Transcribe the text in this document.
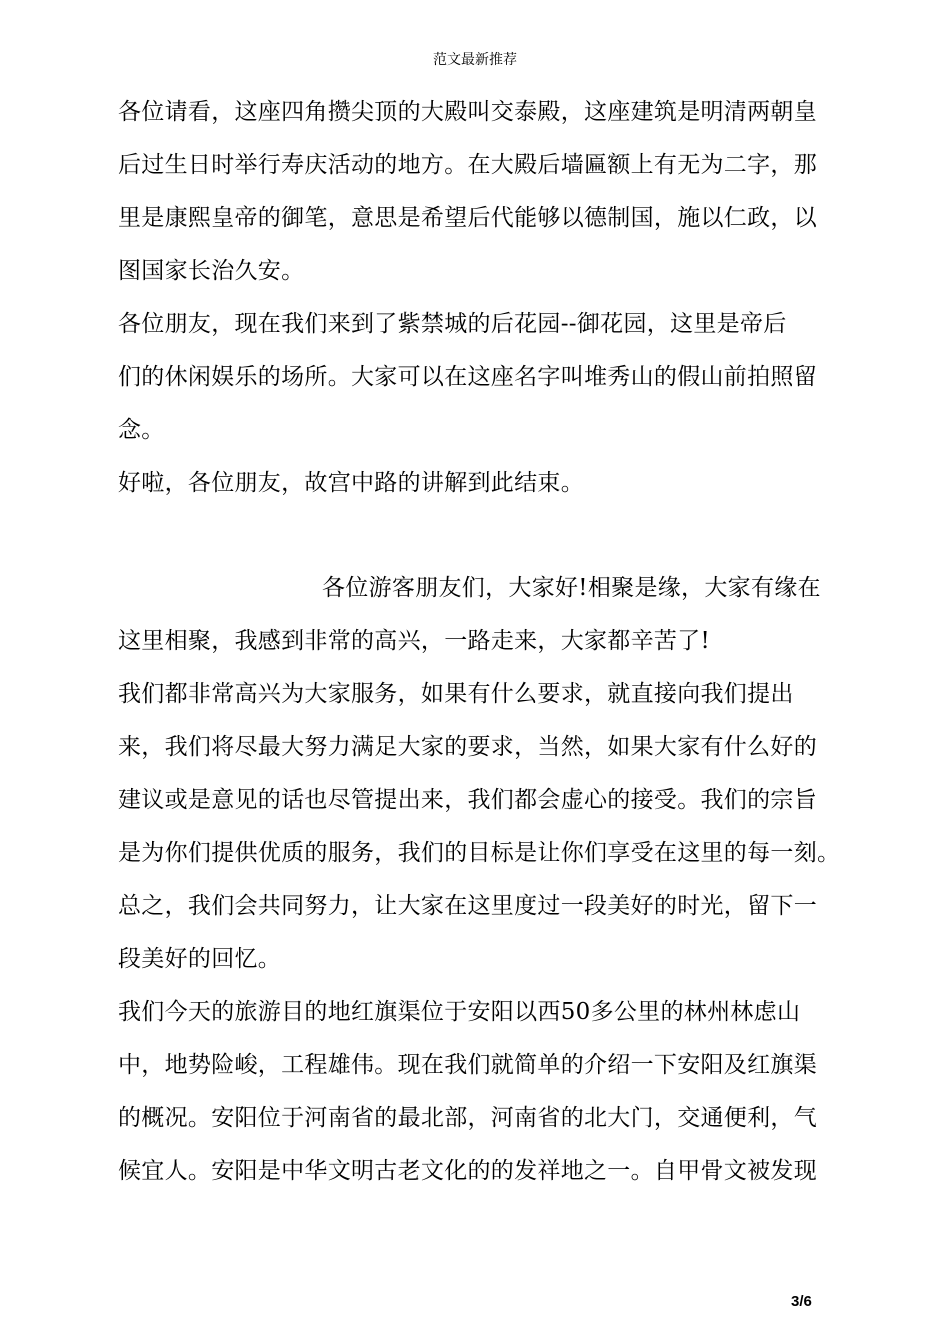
范文最新推荐
各位请看，这座四角攒尖顶的大殿叫交泰殿，这座建筑是明清两朝皇
后过生日时举行寿庆活动的地方。在大殿后墙匾额上有无为二字，那
里是康熙皇帝的御笔，意思是希望后代能够以德制国，施以仁政，以
图国家长治久安。
各位朋友，现在我们来到了紫禁城的后花园--御花园，这里是帝后
们的休闲娱乐的场所。大家可以在这座名字叫堆秀山的假山前拍照留
念。
好啦，各位朋友，故宫中路的讲解到此结束。
各位游客朋友们，大家好!相聚是缘，大家有缘在
这里相聚，我感到非常的高兴，一路走来，大家都辛苦了!
我们都非常高兴为大家服务，如果有什么要求，就直接向我们提出
来，我们将尽最大努力满足大家的要求，当然，如果大家有什么好的
建议或是意见的话也尽管提出来，我们都会虚心的接受。我们的宗旨
是为你们提供优质的服务，我们的目标是让你们享受在这里的每一刻。
总之，我们会共同努力，让大家在这里度过一段美好的时光，留下一
段美好的回忆。
我们今天的旅游目的地红旗渠位于安阳以西50多公里的林州林虑山
中，地势险峻，工程雄伟。现在我们就简单的介绍一下安阳及红旗渠
的概况。安阳位于河南省的最北部，河南省的北大门，交通便利，气
候宜人。安阳是中华文明古老文化的的发祥地之一。自甲骨文被发现
3/6
